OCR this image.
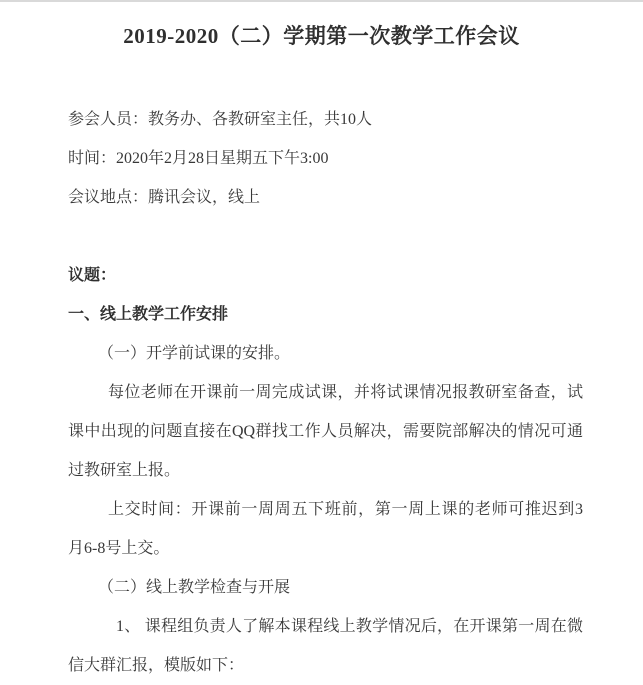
2019-2020（二）学期第一次教学工作会议
参会人员：教务办、各教研室主任，共10人
时间：2020年2月28日星期五下午3:00
会议地点：腾讯会议，线上
议题：
一、线上教学工作安排
（一）开学前试课的安排。
每位老师在开课前一周完成试课，并将试课情况报教研室备查，试
课中出现的问题直接在QQ群找工作人员解决，需要院部解决的情况可通
过教研室上报。
上交时间：开课前一周周五下班前，第一周上课的老师可推迟到3
月6-8号上交。
（二）线上教学检查与开展
1、 课程组负责人了解本课程线上教学情况后，在开课第一周在微
信大群汇报，模版如下：
